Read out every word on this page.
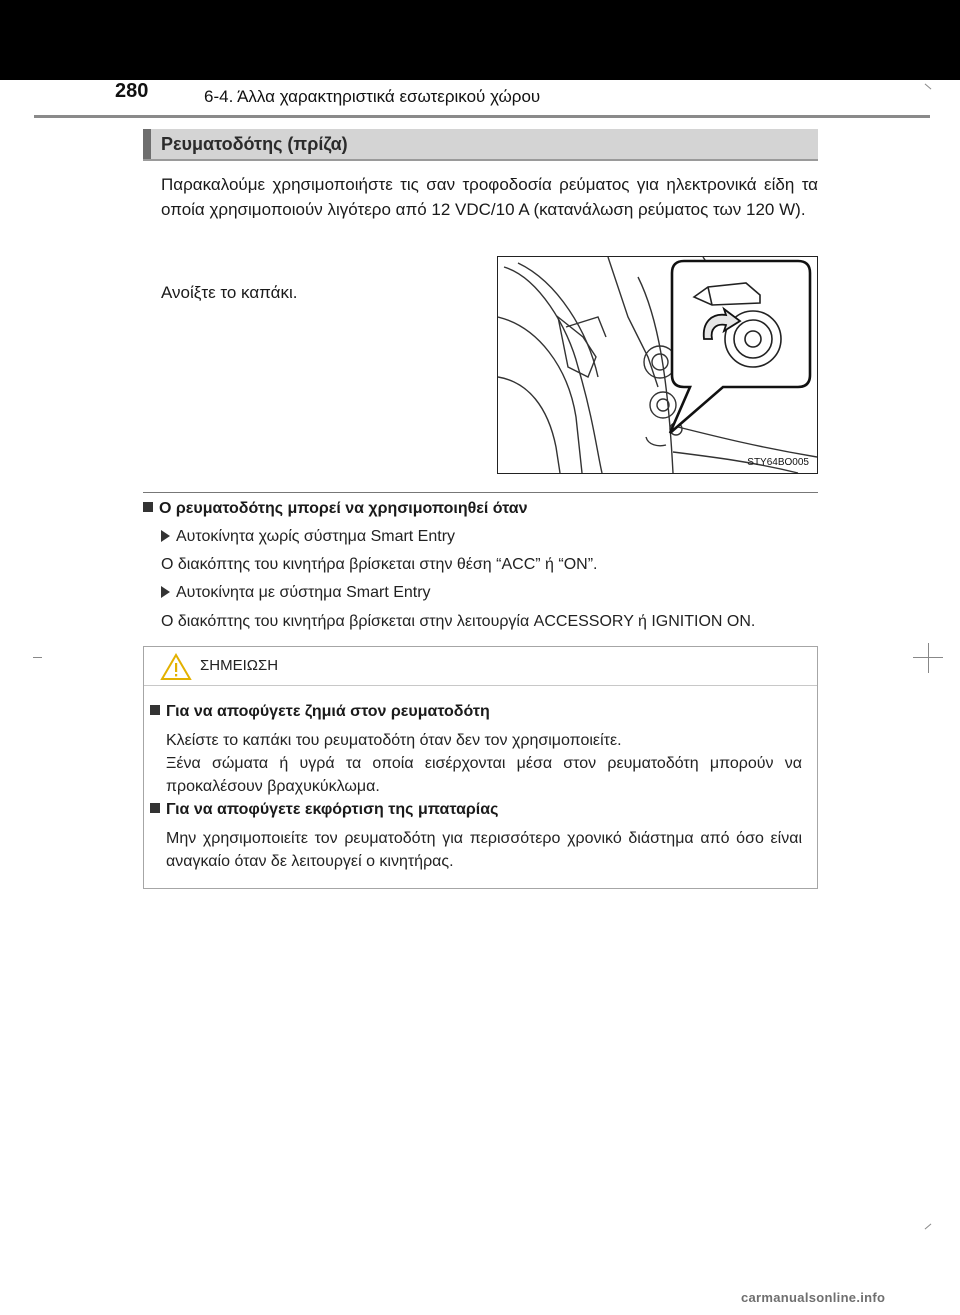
280	6-4. Άλλα χαρακτηριστικά εσωτερικού χώρου
Ρευματοδότης (πρίζα)
Παρακαλούμε χρησιμοποιήστε τις σαν τροφοδοσία ρεύματος για ηλεκτρονικά είδη τα οποία χρησιμοποιούν λιγότερο από 12 VDC/10 A (κατανάλωση ρεύματος των 120 W).
Ανοίξτε το καπάκι.
STY64BO005
Ο ρευματοδότης μπορεί να χρησιμοποιηθεί όταν
Αυτοκίνητα χωρίς σύστημα Smart Entry
Ο διακόπτης του κινητήρα βρίσκεται στην θέση “ACC” ή “ON”.
Αυτοκίνητα με σύστημα Smart Entry
Ο διακόπτης του κινητήρα βρίσκεται στην λειτουργία ACCESSORY ή IGNITION ON.
ΣΗΜΕΙΩΣΗ
Για να αποφύγετε ζημιά στον ρευματοδότη
Κλείστε το καπάκι του ρευματοδότη όταν δεν τον χρησιμοποιείτε.
Ξένα σώματα ή υγρά τα οποία εισέρχονται μέσα στον ρευματοδότη μπορούν να προκαλέσουν βραχυκύκλωμα.
Για να αποφύγετε εκφόρτιση της μπαταρίας
Μην χρησιμοποιείτε τον ρευματοδότη για περισσότερο χρονικό διάστημα από όσο είναι αναγκαίο όταν δε λειτουργεί ο κινητήρας.
carmanualsonline.info
